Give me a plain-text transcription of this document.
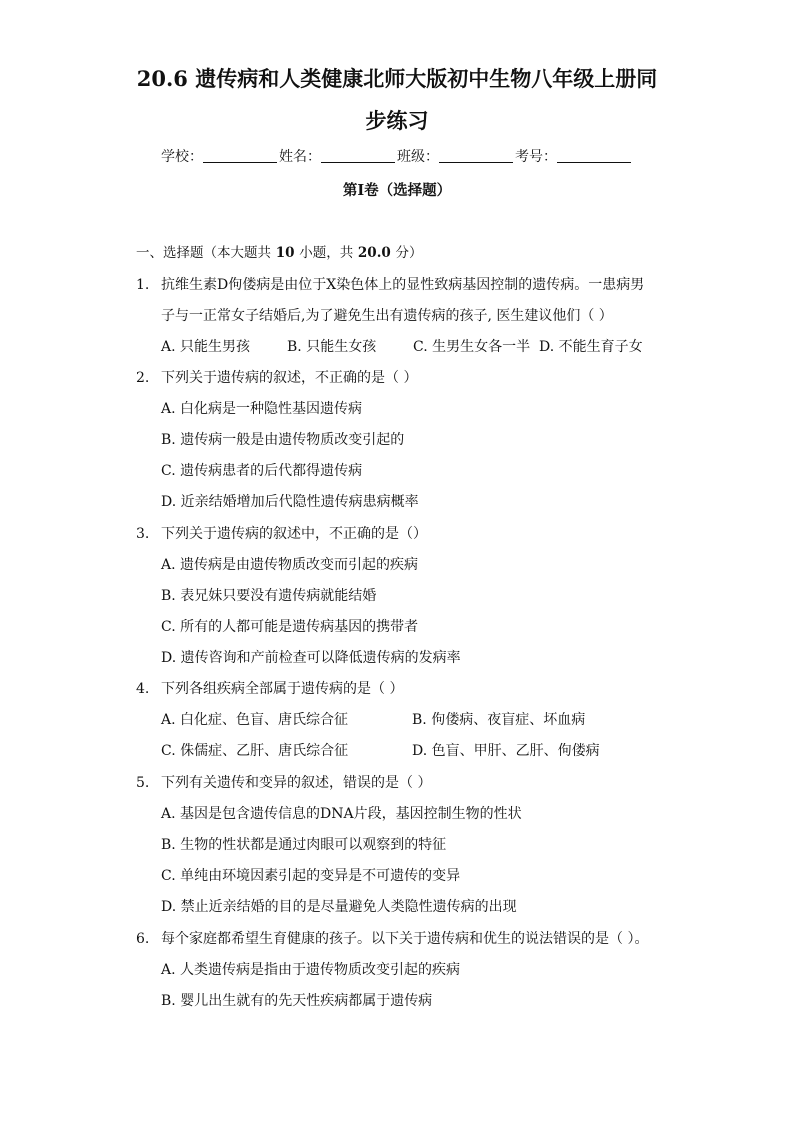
20.6 遗传病和人类健康北师大版初中生物八年级上册同
步练习
学校：	姓名：	班级：	考号：
第I卷（选择题）
一、选择题（本大题共 10 小题，共 20.0 分）
1. 抗维生素D佝偻病是由位于X染色体上的显性致病基因控制的遗传病。一患病男
子与一正常女子结婚后,为了避免生出有遗传病的孩子, 医生建议他们（ ）
A. 只能生男孩	B. 只能生女孩	C. 生男生女各一半 D. 不能生育子女
2. 下列关于遗传病的叙述，不正确的是（ ）
A. 白化病是一种隐性基因遗传病
B. 遗传病一般是由遗传物质改变引起的
C. 遗传病患者的后代都得遗传病
D. 近亲结婚增加后代隐性遗传病患病概率
3. 下列关于遗传病的叙述中，不正确的是（）
A. 遗传病是由遗传物质改变而引起的疾病
B. 表兄妹只要没有遗传病就能结婚
C. 所有的人都可能是遗传病基因的携带者
D. 遗传咨询和产前检查可以降低遗传病的发病率
4. 下列各组疾病全部属于遗传病的是（ ）
A. 白化症、色盲、唐氏综合征	B. 佝偻病、夜盲症、坏血病
C. 侏儒症、乙肝、唐氏综合征	D. 色盲、甲肝、乙肝、佝偻病
5. 下列有关遗传和变异的叙述，错误的是（ ）
A. 基因是包含遗传信息的DNA片段，基因控制生物的性状
B. 生物的性状都是通过肉眼可以观察到的特征
C. 单纯由环境因素引起的变异是不可遗传的变异
D. 禁止近亲结婚的目的是尽量避免人类隐性遗传病的出现
6. 每个家庭都希望生育健康的孩子。以下关于遗传病和优生的说法错误的是（ ）。
A. 人类遗传病是指由于遗传物质改变引起的疾病
B. 婴儿出生就有的先天性疾病都属于遗传病
